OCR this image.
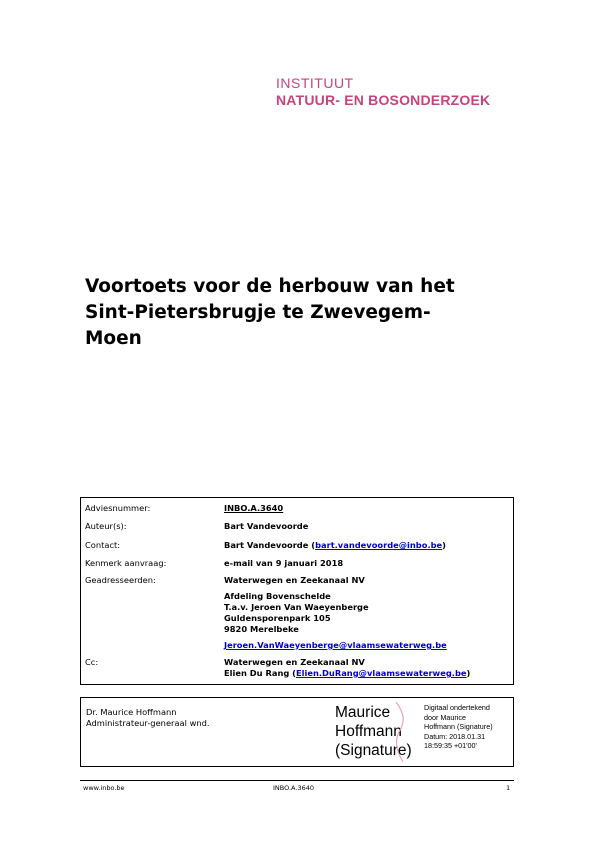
INSTITUUT
NATUUR- EN BOSONDERZOEK
Voortoets voor de herbouw van het
Sint-Pietersbrugje te Zwevegem-
Moen
Adviesnummer:	INBO.A.3640
Auteur(s):	Bart Vandevoorde
Contact:	Bart Vandevoorde (bart.vandevoorde@inbo.be)
Kenmerk aanvraag:	e-mail van 9 januari 2018
Geadresseerden:	Waterwegen en Zeekanaal NV
Afdeling Bovenschelde
T.a.v. Jeroen Van Waeyenberge
Guldensporenpark 105
9820 Merelbeke
Jeroen.VanWaeyenberge@vlaamsewaterweg.be
Cc:	Waterwegen en Zeekanaal NV
Elien Du Rang (Elien.DuRang@vlaamsewaterweg.be)
Dr. Maurice Hoffmann
Administrateur-generaal wnd.
Maurice
Hoffmann
(Signature)
Digitaal ondertekend
door Maurice
Hoffmann (Signature)
Datum: 2018.01.31
18:59:35 +01'00'
www.inbo.be	INBO.A.3640	1
